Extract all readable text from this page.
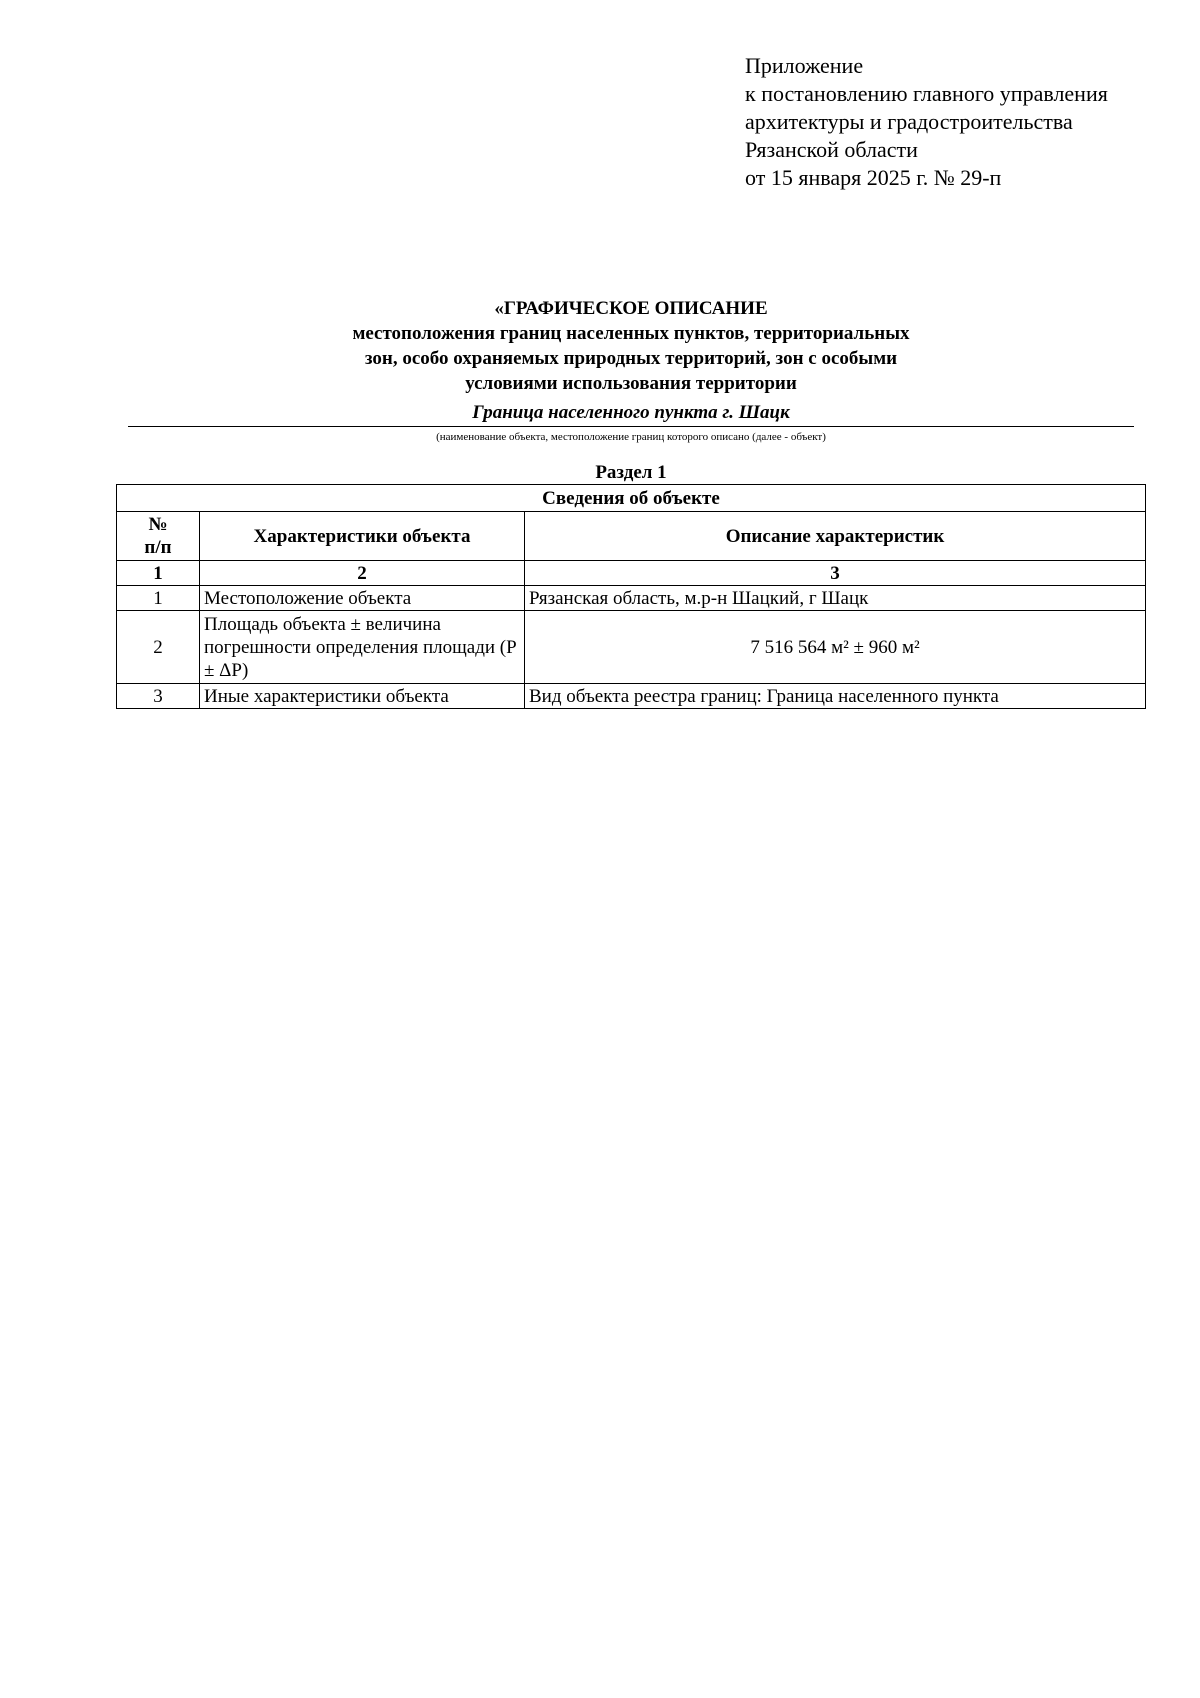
Приложение
к постановлению главного управления
архитектуры и градостроительства
Рязанской области
от 15 января 2025 г. № 29-п
«ГРАФИЧЕСКОЕ ОПИСАНИЕ
местоположения границ населенных пунктов, территориальных
зон, особо охраняемых природных территорий, зон с особыми
условиями использования территории
Граница населенного пункта г. Шацк
(наименование объекта, местоположение границ которого описано (далее - объект)
Раздел 1
Сведения об объекте		

№
п/п	Характеристики объекта	Описание характеристик
1	2	3
1	Местоположение объекта	Рязанская область, м.р-н Шацкий, г Шацк
2	Площадь объекта ± величина погрешности определения площади (P ± ΔP)	7 516 564 м² ± 960 м²
3	Иные характеристики объекта	Вид объекта реестра границ: Граница населенного пункта
